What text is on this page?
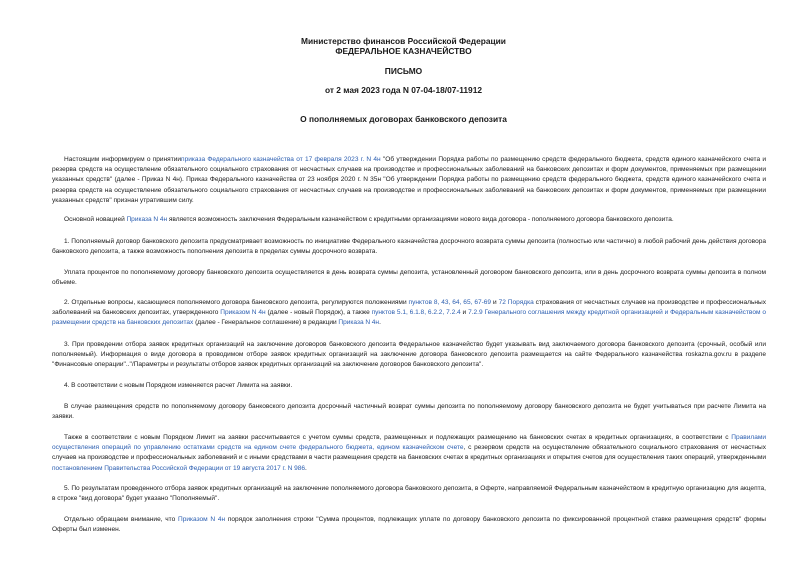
Министерство финансов Российской Федерации
ФЕДЕРАЛЬНОЕ КАЗНАЧЕЙСТВО
ПИСЬМО
от 2 мая 2023 года N 07-04-18/07-11912
О пополняемых договорах банковского депозита
Настоящим информируем о принятииприказа Федерального казначейства от 17 февраля 2023 г. N 4н "Об утверждении Порядка работы по размещению средств федерального бюджета, средств единого казначейского счета и резерва средств на осуществление обязательного социального страхования от несчастных случаев на производстве и профессиональных заболеваний на банковских депозитах и форм документов, применяемых при размещении указанных средств" (далее - Приказ N 4н). Приказ Федерального казначейства от 23 ноября 2020 г. N 35н "Об утверждении Порядка работы по размещению средств федерального бюджета, средств единого казначейского счета и резерва средств на осуществление обязательного социального страхования от несчастных случаев на производстве и профессиональных заболеваний на банковских депозитах и форм документов, применяемых при размещении указанных средств" признан утратившим силу.
Основной новацией Приказа N 4н является возможность заключения Федеральным казначейством с кредитными организациями нового вида договора - пополняемого договора банковского депозита.
1. Пополняемый договор банковского депозита предусматривает возможность по инициативе Федерального казначейства досрочного возврата суммы депозита (полностью или частично) в любой рабочий день действия договора банковского депозита, а также возможность пополнения депозита в пределах суммы досрочного возврата.
Уплата процентов по пополняемому договору банковского депозита осуществляется в день возврата суммы депозита, установленный договором банковского депозита, или в день досрочного возврата суммы депозита в полном объеме.
2. Отдельные вопросы, касающиеся пополняемого договора банковского депозита, регулируются положениями пунктов 8, 43, 64, 65, 67-69 и 72 Порядка страхования от несчастных случаев на производстве и профессиональных заболеваний на банковских депозитах, утвержденного Приказом N 4н (далее - новый Порядок), а также пунктов 5.1, 6.1.8, 6.2.2, 7.2.4 и 7.2.9 Генерального соглашения между кредитной организацией и Федеральным казначейством о размещении средств на банковских депозитах (далее - Генеральное соглашение) в редакции Приказа N 4н.
3. При проведении отбора заявок кредитных организаций на заключение договоров банковского депозита Федеральное казначейство будет указывать вид заключаемого договора банковского депозита (срочный, особый или пополняемый). Информация о виде договора в проводимом отборе заявок кредитных организаций на заключение договора банковского депозита размещается на сайте Федерального казначейства roskazna.gov.ru в разделе "Финансовые операции".."/Параметры и результаты отборов заявок кредитных организаций на заключение договоров банковского депозита".
4. В соответствии с новым Порядком изменяется расчет Лимита на заявки.
В случае размещения средств по пополняемому договору банковского депозита досрочный частичный возврат суммы депозита по пополняемому договору банковского депозита не будет учитываться при расчете Лимита на заявки.
Также в соответствии с новым Порядком Лимит на заявки рассчитывается с учетом суммы средств, размещенных и подлежащих размещению на банковских счетах в кредитных организациях, в соответствии с Правилами осуществления операций по управлению остатками средств на едином счете федерального бюджета, едином казначейском счете, с резервом средств на осуществление обязательного социального страхования от несчастных случаев на производстве и профессиональных заболеваний и с иными средствами в части размещения средств на банковских счетах в кредитных организациях и открытия счетов для осуществления таких операций, утвержденными постановлением Правительства Российской Федерации от 19 августа 2017 г. N 986.
5. По результатам проведенного отбора заявок кредитных организаций на заключение пополняемого договора банковского депозита, в Оферте, направляемой Федеральным казначейством в кредитную организацию для акцепта, в строке "вид договора" будет указано "Пополняемый".
Отдельно обращаем внимание, что Приказом N 4н порядок заполнения строки "Сумма процентов, подлежащих уплате по договору банковского депозита по фиксированной процентной ставке размещения средств" формы Оферты был изменен.
